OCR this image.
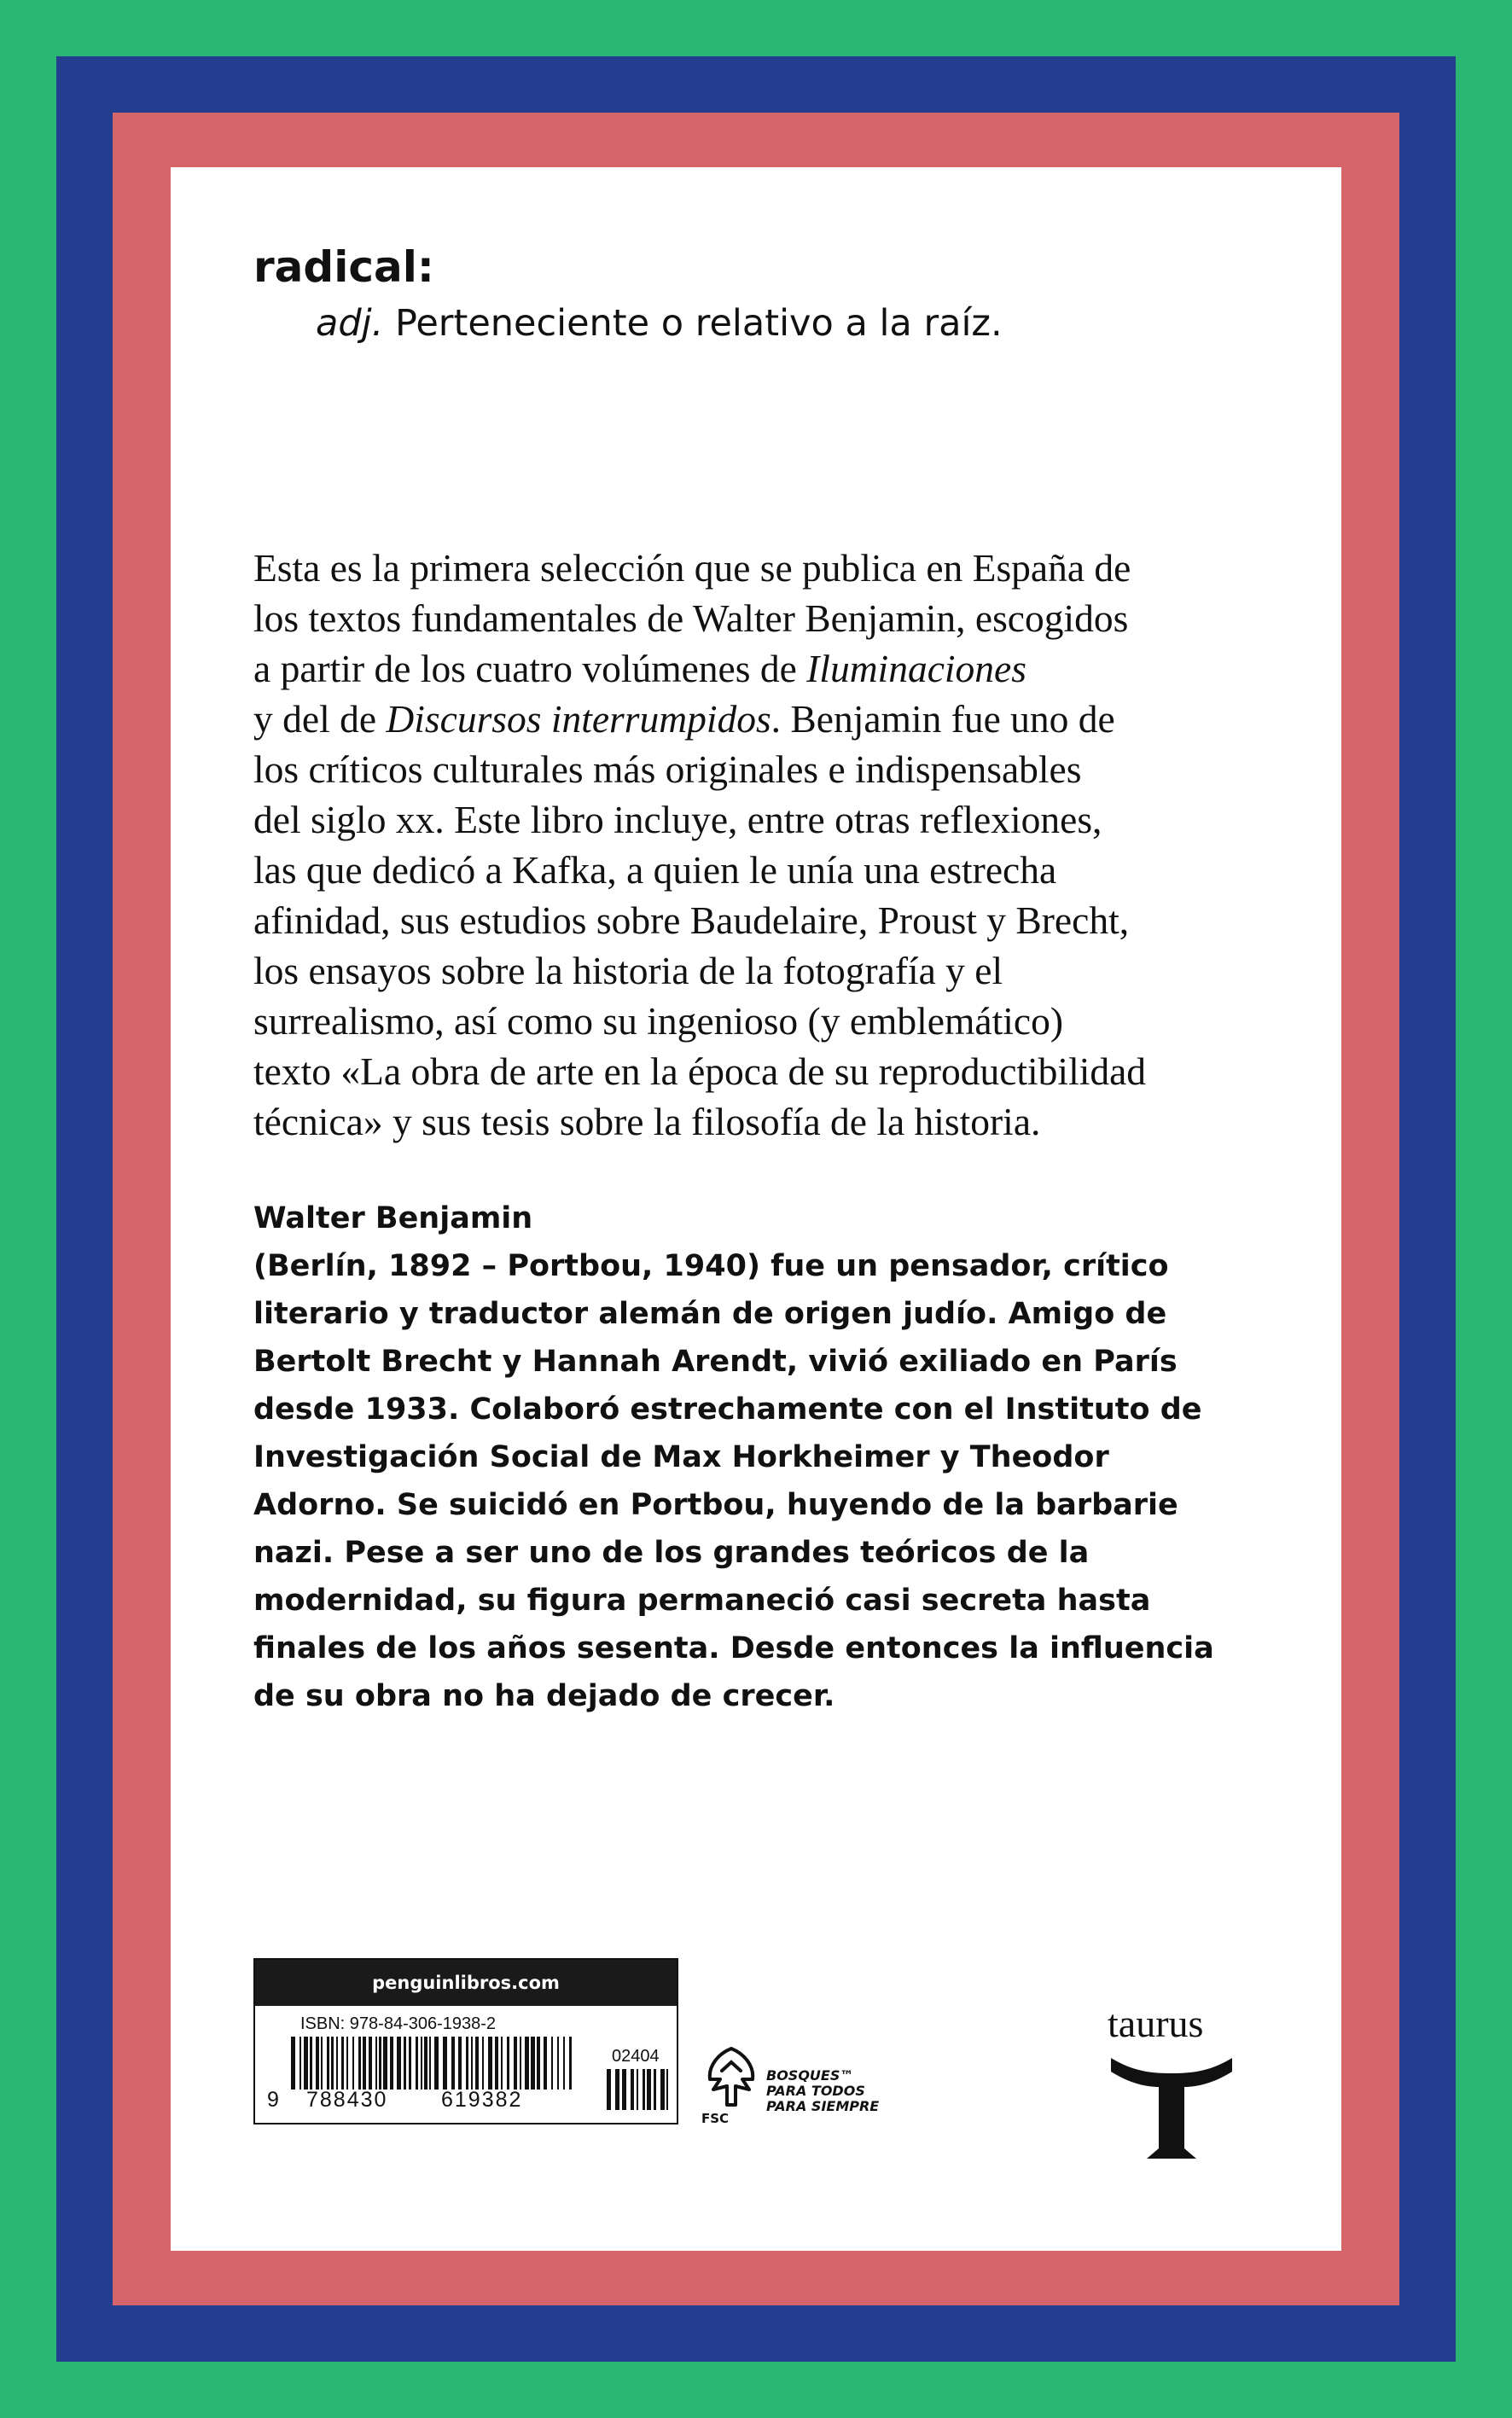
radical:
adj. Perteneciente o relativo a la raíz.
Esta es la primera selección que se publica en España de
los textos fundamentales de Walter Benjamin, escogidos
a partir de los cuatro volúmenes de Iluminaciones
y del de Discursos interrumpidos. Benjamin fue uno de
los críticos culturales más originales e indispensables
del siglo xx. Este libro incluye, entre otras reflexiones,
las que dedicó a Kafka, a quien le unía una estrecha
afinidad, sus estudios sobre Baudelaire, Proust y Brecht,
los ensayos sobre la historia de la fotografía y el
surrealismo, así como su ingenioso (y emblemático)
texto «La obra de arte en la época de su reproductibilidad
técnica» y sus tesis sobre la filosofía de la historia.
Walter Benjamin
(Berlín, 1892 – Portbou, 1940) fue un pensador, crítico
literario y traductor alemán de origen judío. Amigo de
Bertolt Brecht y Hannah Arendt, vivió exiliado en París
desde 1933. Colaboró estrechamente con el Instituto de
Investigación Social de Max Horkheimer y Theodor
Adorno. Se suicidó en Portbou, huyendo de la barbarie
nazi. Pese a ser uno de los grandes teóricos de la
modernidad, su figura permaneció casi secreta hasta
finales de los años sesenta. Desde entonces la influencia
de su obra no ha dejado de crecer.
penguinlibros.com
ISBN: 978-84-306-1938-2
02404
9 788430	619382
FSC
BOSQUES™
PARA TODOS
PARA SIEMPRE
taurus
